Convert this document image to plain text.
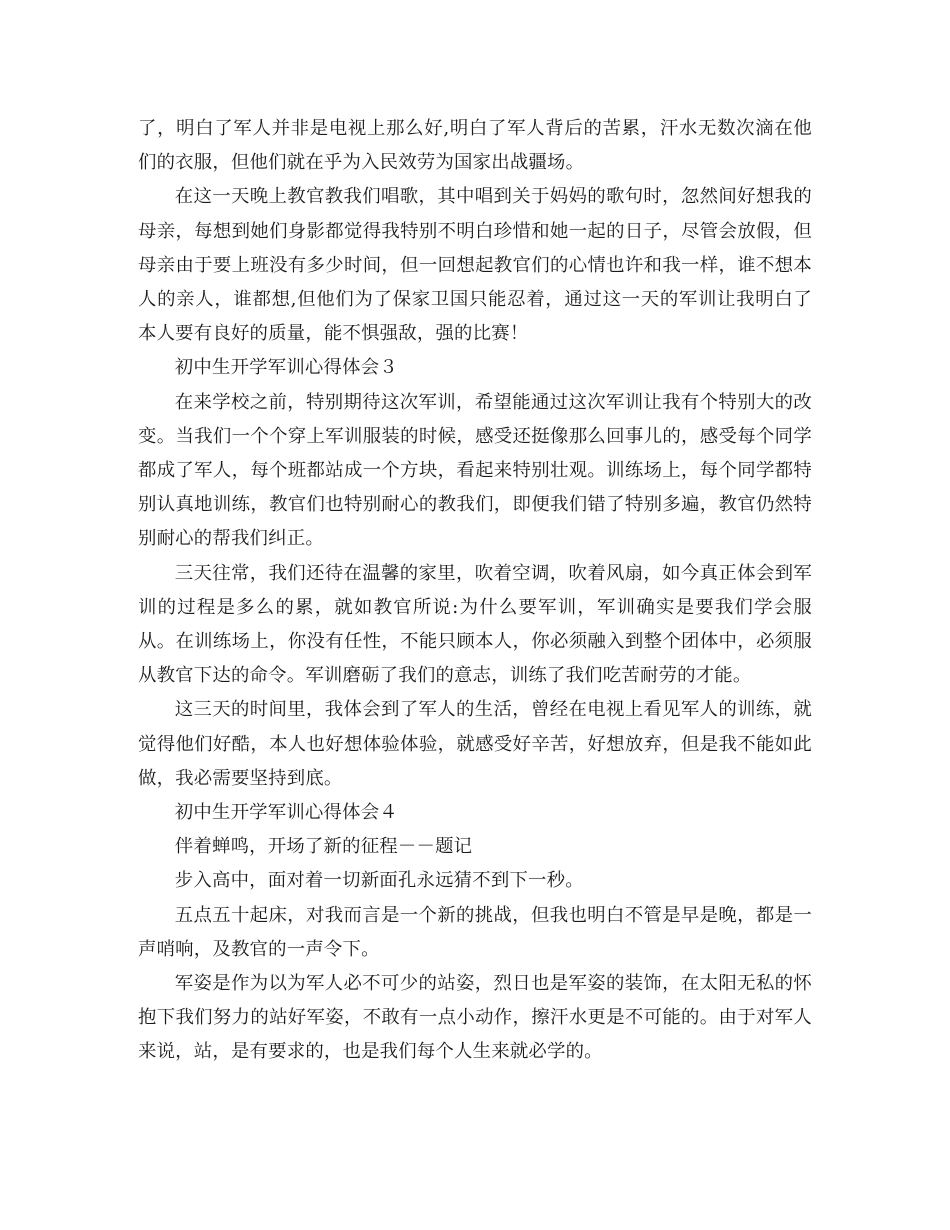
了，明白了军人并非是电视上那么好,明白了军人背后的苦累，汗水无数次滴在他们的衣服，但他们就在乎为入民效劳为国家出战疆场。

在这一天晚上教官教我们唱歌，其中唱到关于妈妈的歌句时，忽然间好想我的母亲，每想到她们身影都觉得我特别不明白珍惜和她一起的日子，尽管会放假，但母亲由于要上班没有多少时间，但一回想起教官们的心情也许和我一样，谁不想本人的亲人，谁都想,但他们为了保家卫国只能忍着，通过这一天的军训让我明白了本人要有良好的质量，能不惧强敌，强的比赛！

初中生开学军训心得体会３

在来学校之前，特别期待这次军训，希望能通过这次军训让我有个特别大的改变。当我们一个个穿上军训服装的时候，感受还挺像那么回事儿的，感受每个同学都成了军人，每个班都站成一个方块，看起来特别壮观。训练场上，每个同学都特别认真地训练，教官们也特别耐心的教我们，即便我们错了特别多遍，教官仍然特别耐心的帮我们纠正。

三天往常，我们还待在温馨的家里，吹着空调，吹着风扇，如今真正体会到军训的过程是多么的累，就如教官所说:为什么要军训，军训确实是要我们学会服从。在训练场上，你没有任性，不能只顾本人，你必须融入到整个团体中，必须服从教官下达的命令。军训磨砺了我们的意志，训练了我们吃苦耐劳的才能。

这三天的时间里，我体会到了军人的生活，曾经在电视上看见军人的训练，就觉得他们好酷，本人也好想体验体验，就感受好辛苦，好想放弃，但是我不能如此做，我必需要坚持到底。

初中生开学军训心得体会４

伴着蝉鸣，开场了新的征程－－题记

步入高中，面对着一切新面孔永远猜不到下一秒。

五点五十起床，对我而言是一个新的挑战，但我也明白不管是早是晚，都是一声哨响，及教官的一声令下。

军姿是作为以为军人必不可少的站姿，烈日也是军姿的装饰，在太阳无私的怀抱下我们努力的站好军姿，不敢有一点小动作，擦汗水更是不可能的。由于对军人来说，站，是有要求的，也是我们每个人生来就必学的。
